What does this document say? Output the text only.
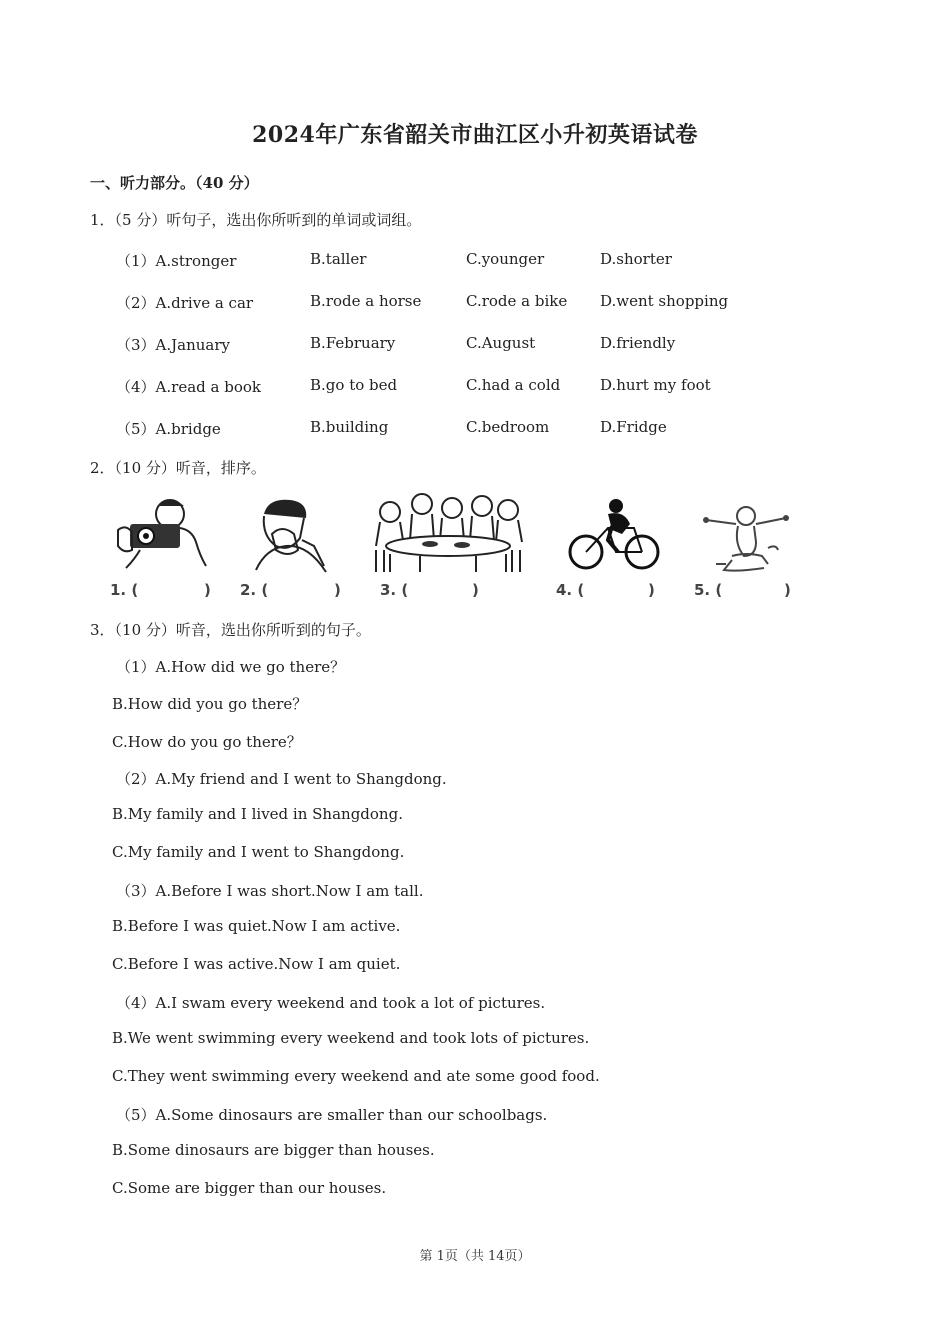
2024年广东省韶关市曲江区小升初英语试卷
一、听力部分。（40 分）
1．（5 分）听句子，选出你所听到的单词或词组。
（1）A.stronger	B.taller	C.younger	D.shorter
（2）A.drive a car	B.rode a horse	C.rode a bike D.went shopping
（3）A.January	B.February	C.August	D.friendly
（4）A.read a book	B.go to bed	C.had a cold	D.hurt my foot
（5）A.bridge	B.building	C.bedroom	D.Fridge
2．（10 分）听音，排序。
1. (	) 2. (	)	3. (	)	4. (	)	5. (	)
3．（10 分）听音，选出你所听到的句子。
（1）A.How did we go there？
B.How did you go there？
C.How do you go there？
（2）A.My friend and I went to Shangdong.
B.My family and I lived in Shangdong.
C.My family and I went to Shangdong.
（3）A.Before I was short.Now I am tall.
B.Before I was quiet.Now I am active.
C.Before I was active.Now I am quiet.
（4）A.I swam every weekend and took a lot of pictures.
B.We went swimming every weekend and took lots of pictures.
C.They went swimming every weekend and ate some good food.
（5）A.Some dinosaurs are smaller than our schoolbags.
B.Some dinosaurs are bigger than houses.
C.Some are bigger than our houses.
第 1页（共 14页）
